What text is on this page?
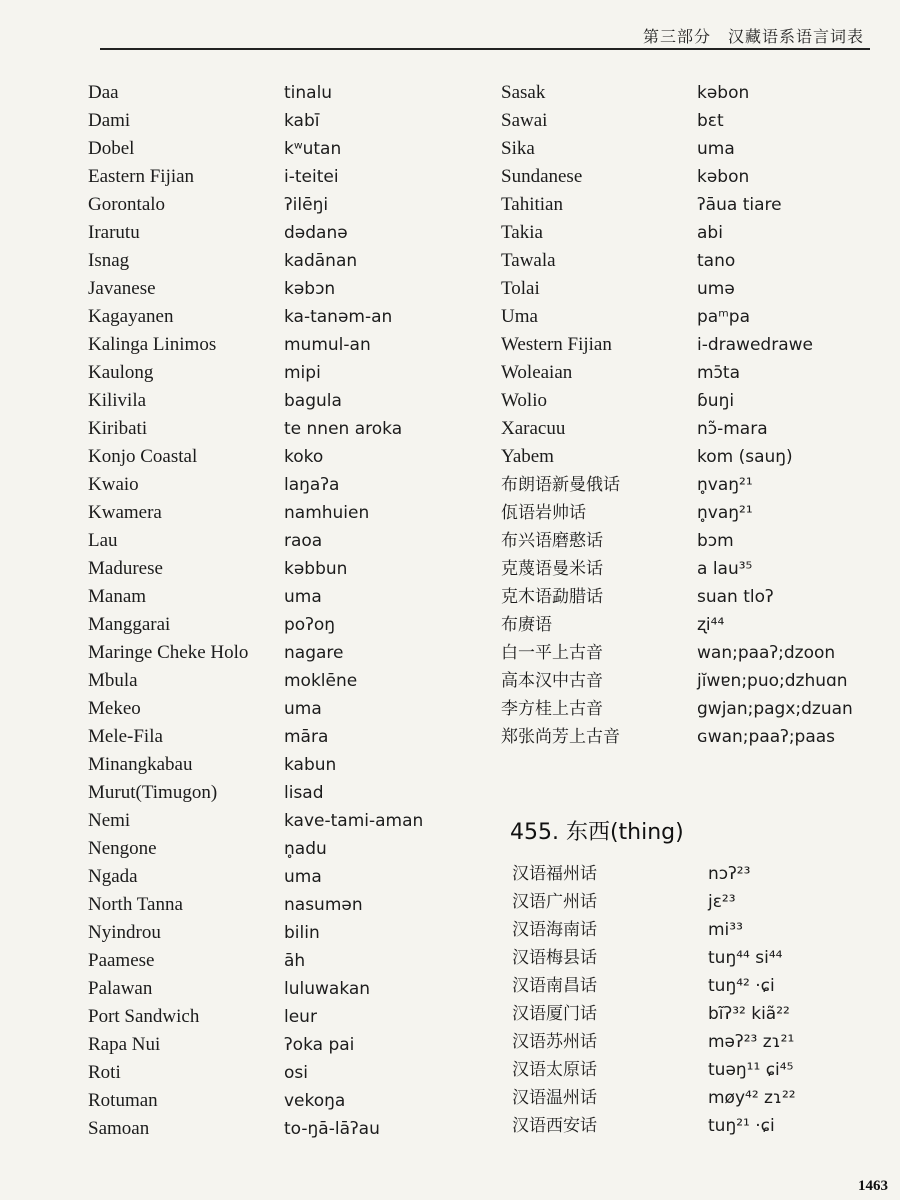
第三部分　汉藏语系语言词表
Daa
Dami
Dobel
Eastern Fijian
Gorontalo
Irarutu
Isnag
Javanese
Kagayanen
Kalinga Linimos
Kaulong
Kilivila
Kiribati
Konjo Coastal
Kwaio
Kwamera
Lau
Madurese
Manam
Manggarai
Maringe Cheke Holo
Mbula
Mekeo
Mele-Fila
Minangkabau
Murut(Timugon)
Nemi
Nengone
Ngada
North Tanna
Nyindrou
Paamese
Palawan
Port Sandwich
Rapa Nui
Roti
Rotuman
Samoan
tinalu
kabī
kʷutan
i-teitei
ʔilēŋi
dədanə
kadānan
kəbɔn
ka-tanəm-an
mumul-an
mipi
bagula
te nnen aroka
koko
laŋaʔa
namhuien
raoa
kəbbun
uma
poʔoŋ
nagare
moklēne
uma
māra
kabun
lisad
kave-tami-aman
n̥adu
uma
nasumən
bilin
āh
luluwakan
leur
ʔoka pai
osi
vekoŋa
to-ŋā-lāʔau
Sasak
Sawai
Sika
Sundanese
Tahitian
Takia
Tawala
Tolai
Uma
Western Fijian
Woleaian
Wolio
Xaracuu
Yabem
布朗语新曼俄话
佤语岩帅话
布兴语磨憨话
克蔑语曼米话
克木语勐腊话
布赓语
白一平上古音
高本汉中古音
李方桂上古音
郑张尚芳上古音
kəbon
bɛt
uma
kəbon
ʔāua tiare
abi
tano
umə
paᵐpa
i-drawedrawe
mɔ̄ta
ɓuŋi
nɔ̃-mara
kom (sauŋ)
n̥vaŋ²¹
n̥vaŋ²¹
bɔm
a lau³⁵
suan tloʔ
ʐi⁴⁴
wan;paaʔ;dzoon
jĭwɐn;puo;dzhuɑn
gwjan;pagx;dzuan
ɢwan;paaʔ;paas
455. 东西(thing)
汉语福州话
汉语广州话
汉语海南话
汉语梅县话
汉语南昌话
汉语厦门话
汉语苏州话
汉语太原话
汉语温州话
汉语西安话
nɔʔ²³
jɛ²³
mi³³
tuŋ⁴⁴ si⁴⁴
tuŋ⁴² ·ɕi
bĩʔ³² kiã²²
məʔ²³ zɿ²¹
tuəŋ¹¹ ɕi⁴⁵
møy⁴² zɿ²²
tuŋ²¹ ·ɕi
1463
